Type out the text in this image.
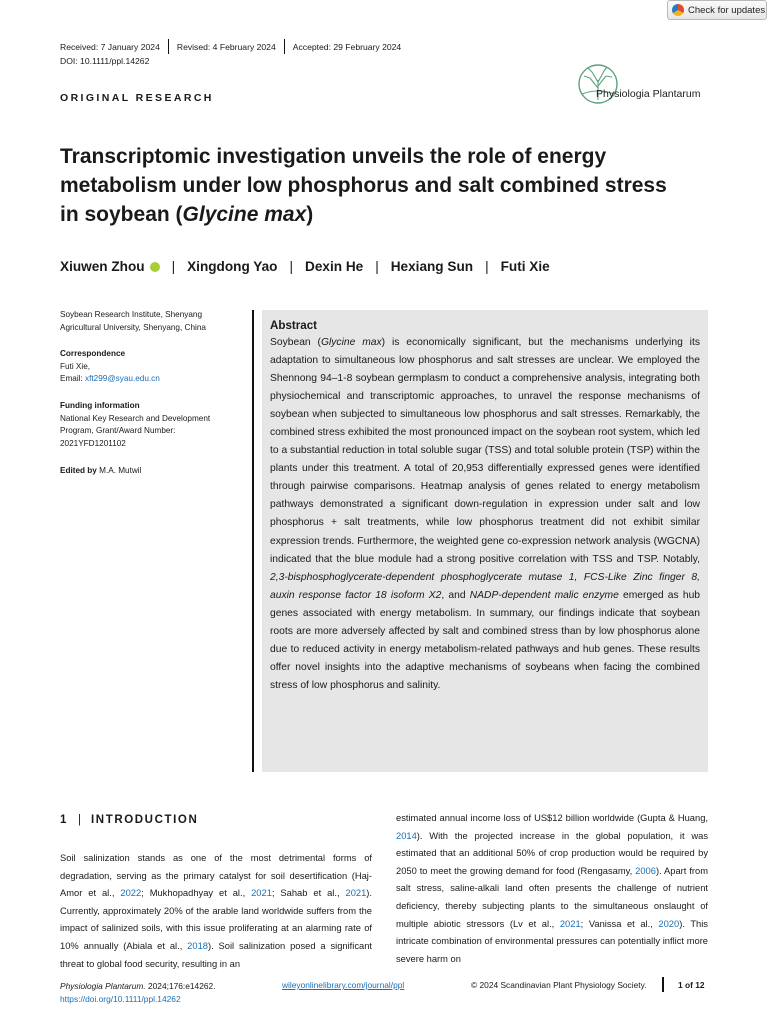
Check for updates
Received: 7 January 2024 Revised: 4 February 2024 Accepted: 29 February 2024
DOI: 10.1111/ppl.14262
ORIGINAL RESEARCH	Physiologia Plantarum
Transcriptomic investigation unveils the role of energy
metabolism under low phosphorus and salt combined stress
in soybean (Glycine max)
Xiuwen Zhou | Xingdong Yao | Dexin He | Hexiang Sun | Futi Xie
Soybean Research Institute, Shenyang
Agricultural University, Shenyang, China
Correspondence
Futi Xie,
Email: xft299@syau.edu.cn
Funding information
National Key Research and Development
Program, Grant/Award Number:
2021YFD1201102
Edited by M.A. Mutwil
Abstract

Soybean (Glycine max) is economically significant, but the mechanisms underlying its adaptation to simultaneous low phosphorus and salt stresses are unclear. We employed the Shennong 94–1-8 soybean germplasm to conduct a comprehensive analysis, integrating both physiochemical and transcriptomic approaches, to unravel the response mechanisms of soybean when subjected to simultaneous low phosphorus and salt stresses. Remarkably, the combined stress exhibited the most pronounced impact on the soybean root system, which led to a substantial reduction in total soluble sugar (TSS) and total soluble protein (TSP) within the plants under this treatment. A total of 20,953 differentially expressed genes were identified through pairwise comparisons. Heatmap analysis of genes related to energy metabolism pathways demonstrated a significant down-regulation in expression under salt and low phosphorus + salt treatments, while low phosphorus treatment did not exhibit similar expression trends. Furthermore, the weighted gene co-expression network analysis (WGCNA) indicated that the blue module had a strong positive correlation with TSS and TSP. Notably, 2,3-bisphosphoglycerate-dependent phosphoglycerate mutase 1, FCS-Like Zinc finger 8, auxin response factor 18 isoform X2, and NADP-dependent malic enzyme emerged as hub genes associated with energy metabolism. In summary, our findings indicate that soybean roots are more adversely affected by salt and combined stress than by low phosphorus alone due to reduced activity in energy metabolism-related pathways and hub genes. These results offer novel insights into the adaptive mechanisms of soybeans when facing the combined stress of low phosphorus and salinity.

1 | INTRODUCTION

Soil salinization stands as one of the most detrimental forms of degradation, serving as the primary catalyst for soil desertification (Haj-Amor et al., 2022; Mukhopadhyay et al., 2021; Sahab et al., 2021). Currently, approximately 20% of the arable land worldwide suffers from the impact of salinized soils, with this issue proliferating at an alarming rate of 10% annually (Abiala et al., 2018). Soil salinization posed a significant threat to global food security, resulting in an

estimated annual income loss of US$12 billion worldwide (Gupta & Huang, 2014). With the projected increase in the global population, it was estimated that an additional 50% of crop production would be required by 2050 to meet the growing demand for food (Rengasamy, 2006). Apart from salt stress, saline-alkali land often presents the challenge of nutrient deficiency, thereby subjecting plants to the simultaneous onslaught of multiple abiotic stressors (Lv et al., 2021; Vanissa et al., 2020). This intricate combination of environmental pressures can potentially inflict more severe harm on

Physiologia Plantarum. 2024;176:e14262.
https://doi.org/10.1111/ppl.14262
wileyonlinelibrary.com/journal/ppl	© 2024 Scandinavian Plant Physiology Society.	1 of 12
